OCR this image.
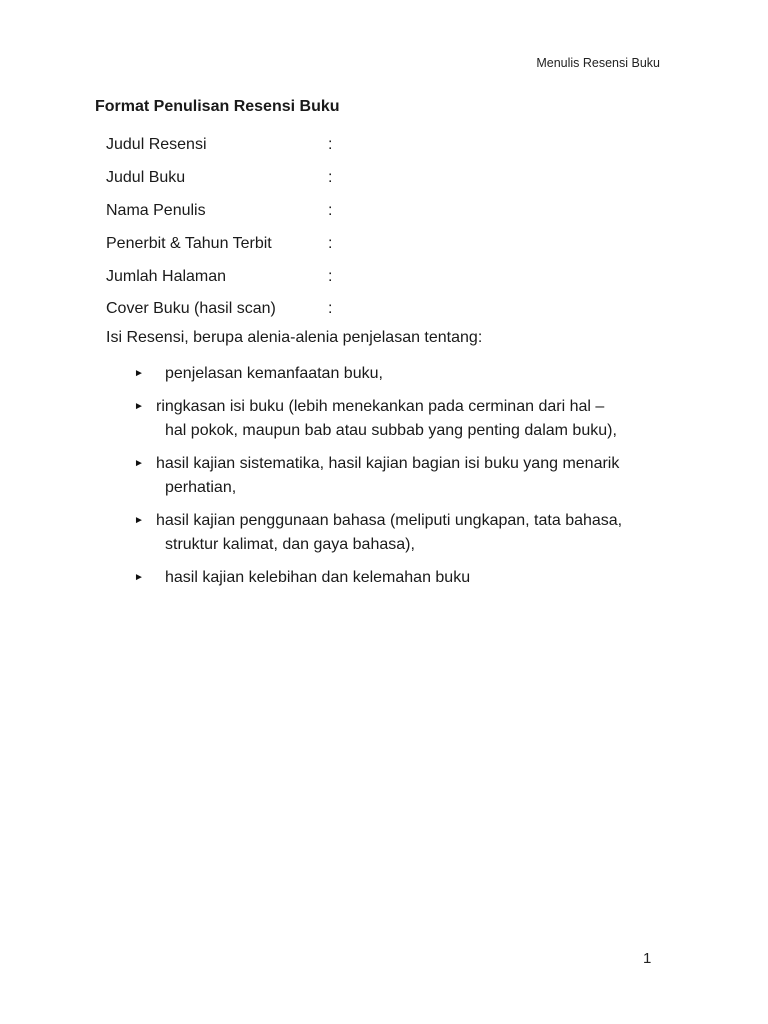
Menulis Resensi Buku
Format Penulisan Resensi Buku
Judul Resensi	:
Judul Buku	:
Nama Penulis	:
Penerbit & Tahun Terbit	:
Jumlah Halaman	:
Cover Buku (hasil scan)	:
Isi Resensi, berupa alenia-alenia penjelasan tentang:
► penjelasan kemanfaatan buku,
► ringkasan isi buku (lebih menekankan pada cerminan dari hal –
hal pokok, maupun bab atau subbab yang penting dalam buku),
► hasil kajian sistematika, hasil kajian bagian isi buku yang menarik
perhatian,
► hasil kajian penggunaan bahasa (meliputi ungkapan, tata bahasa,
struktur kalimat, dan gaya bahasa),
► hasil kajian kelebihan dan kelemahan buku
1
